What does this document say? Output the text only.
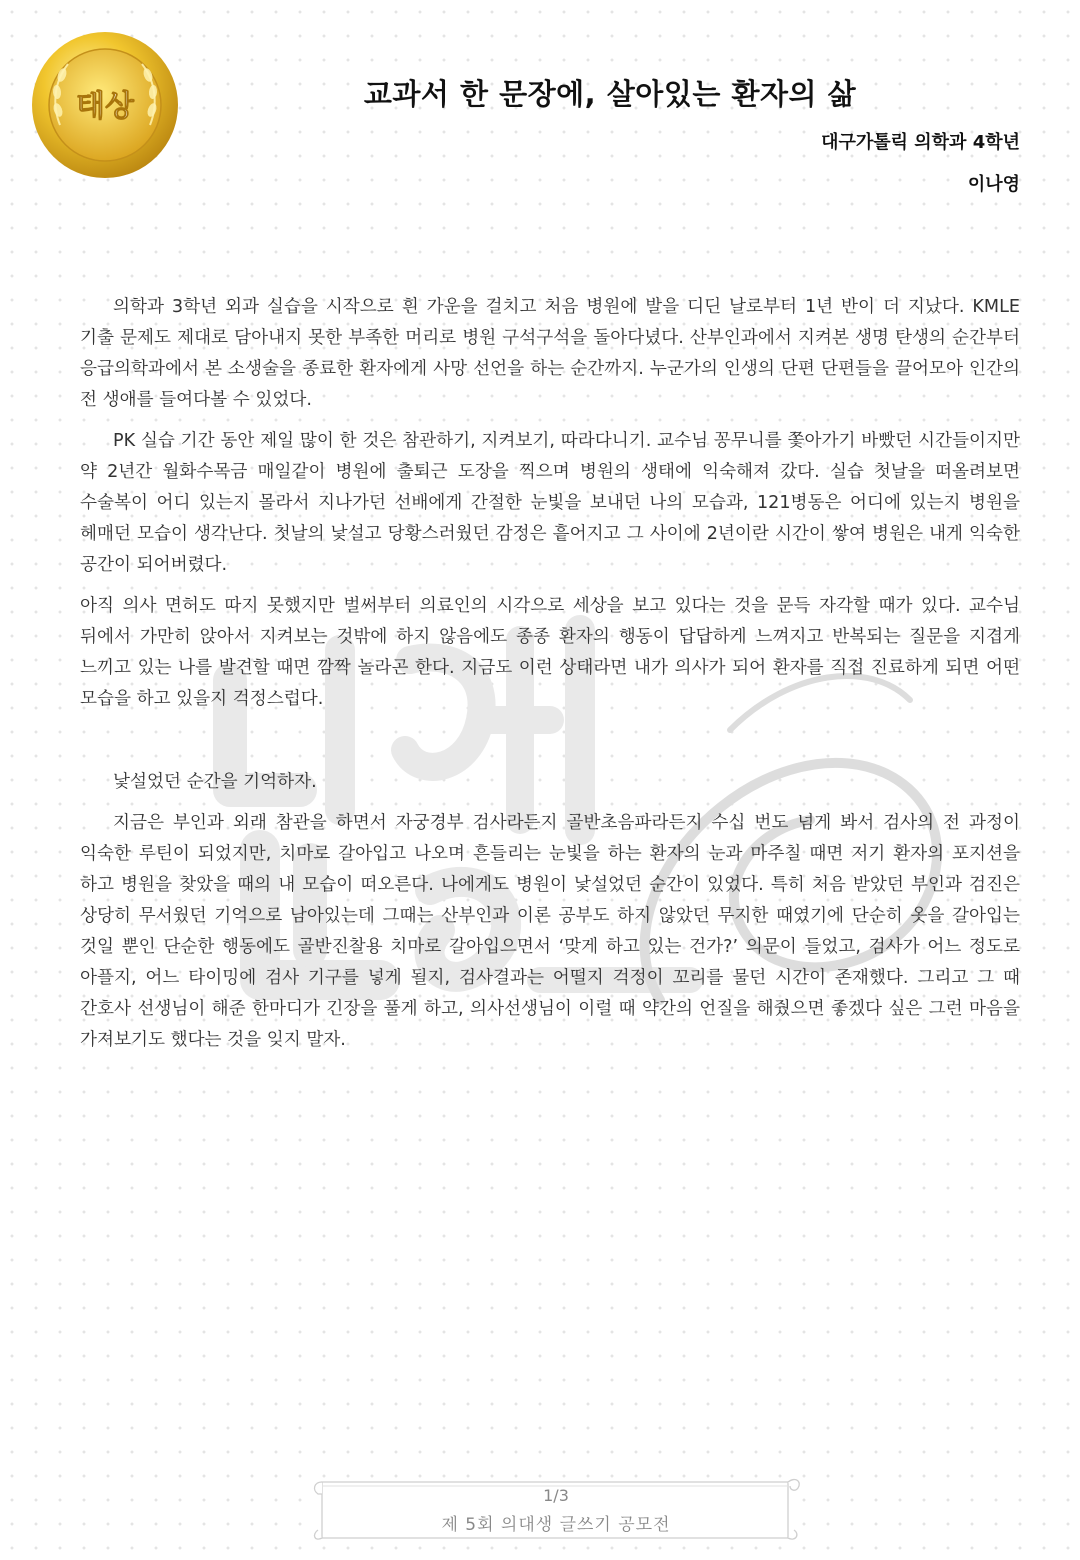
태상	교과서 한 문장에, 살아있는 환자의 삶

대구가톨릭 의학과 4학년

이나영

의학과 3학년 외과 실습을 시작으로 흰 가운을 걸치고 처음 병원에 발을 디딘 날로부터 1년 반이 더 지났다. KMLE 기출 문제도 제대로 담아내지 못한 부족한 머리로 병원 구석구석을 돌아다녔다. 산부인과에서 지켜본 생명 탄생의 순간부터 응급의학과에서 본 소생술을 종료한 환자에게 사망 선언을 하는 순간까지. 누군가의 인생의 단편 단편들을 끌어모아 인간의 전 생애를 들여다볼 수 있었다.

PK 실습 기간 동안 제일 많이 한 것은 참관하기, 지켜보기, 따라다니기. 교수님 꽁무니를 쫓아가기 바빴던 시간들이지만 약 2년간 월화수목금 매일같이 병원에 출퇴근 도장을 찍으며 병원의 생태에 익숙해져 갔다. 실습 첫날을 떠올려보면 수술복이 어디 있는지 몰라서 지나가던 선배에게 간절한 눈빛을 보내던 나의 모습과, 121병동은 어디에 있는지 병원을 헤매던 모습이 생각난다. 첫날의 낯설고 당황스러웠던 감정은 흩어지고 그 사이에 2년이란 시간이 쌓여 병원은 내게 익숙한 공간이 되어버렸다.

아직 의사 면허도 따지 못했지만 벌써부터 의료인의 시각으로 세상을 보고 있다는 것을 문득 자각할 때가 있다. 교수님 뒤에서 가만히 앉아서 지켜보는 것밖에 하지 않음에도 종종 환자의 행동이 답답하게 느껴지고 반복되는 질문을 지겹게 느끼고 있는 나를 발견할 때면 깜짝 놀라곤 한다. 지금도 이런 상태라면 내가 의사가 되어 환자를 직접 진료하게 되면 어떤 모습을 하고 있을지 걱정스럽다.

낯설었던 순간을 기억하자.

지금은 부인과 외래 참관을 하면서 자궁경부 검사라든지 골반초음파라든지 수십 번도 넘게 봐서 검사의 전 과정이 익숙한 루틴이 되었지만, 치마로 갈아입고 나오며 흔들리는 눈빛을 하는 환자의 눈과 마주칠 때면 저기 환자의 포지션을 하고 병원을 찾았을 때의 내 모습이 떠오른다. 나에게도 병원이 낯설었던 순간이 있었다. 특히 처음 받았던 부인과 검진은 상당히 무서웠던 기억으로 남아있는데 그때는 산부인과 이론 공부도 하지 않았던 무지한 때였기에 단순히 옷을 갈아입는 것일 뿐인 단순한 행동에도 골반진찰용 치마로 갈아입으면서 ‘맞게 하고 있는 건가?’ 의문이 들었고, 검사가 어느 정도로 아플지, 어느 타이밍에 검사 기구를 넣게 될지, 검사결과는 어떨지 걱정이 꼬리를 물던 시간이 존재했다. 그리고 그 때 간호사 선생님이 해준 한마디가 긴장을 풀게 하고, 의사선생님이 이럴 때 약간의 언질을 해줬으면 좋겠다 싶은 그런 마음을 가져보기도 했다는 것을 잊지 말자.

1/3
제 5회 의대생 글쓰기 공모전
